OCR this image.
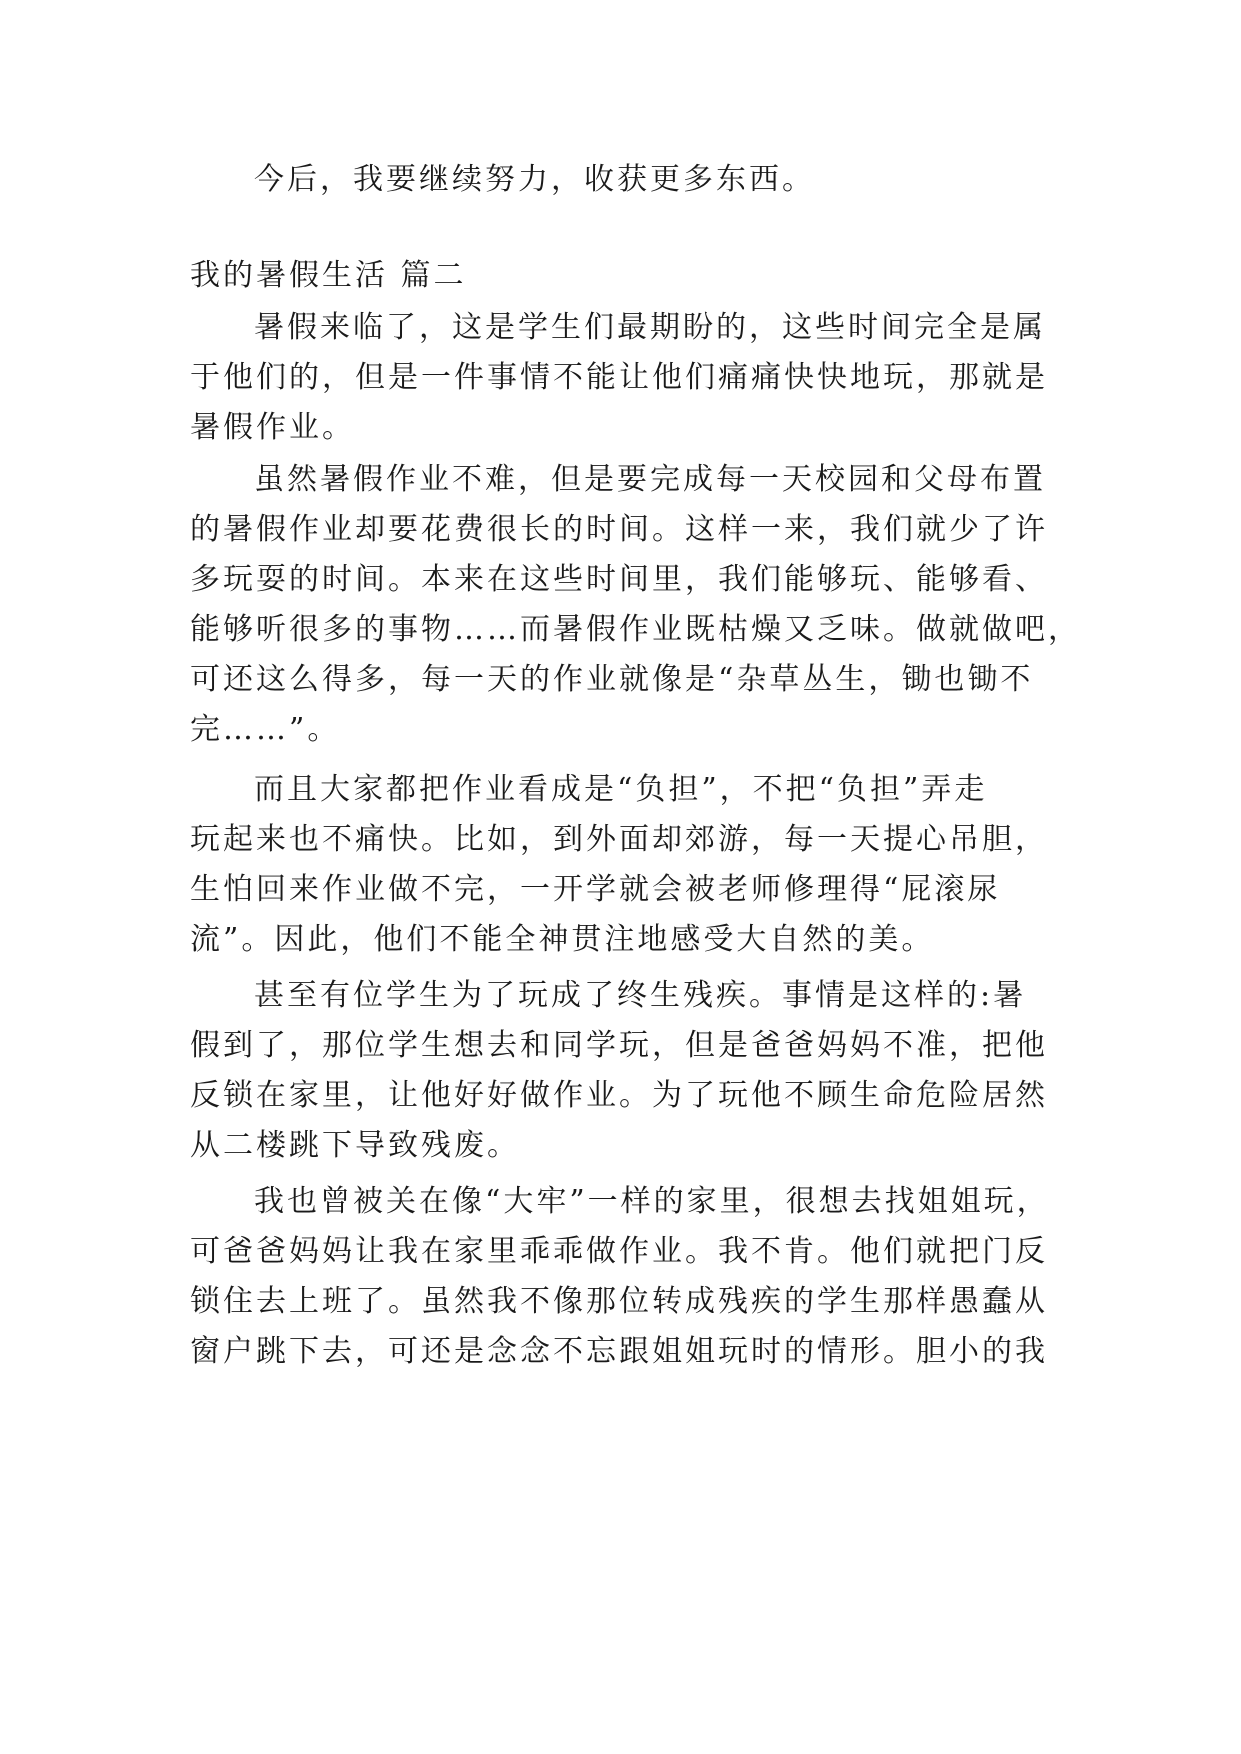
今后，我要继续努力，收获更多东西。
我的暑假生活 篇二
暑假来临了，这是学生们最期盼的，这些时间完全是属
于他们的，但是一件事情不能让他们痛痛快快地玩，那就是
暑假作业。
虽然暑假作业不难，但是要完成每一天校园和父母布置
的暑假作业却要花费很长的时间。这样一来，我们就少了许
多玩耍的时间。本来在这些时间里，我们能够玩、能够看、
能够听很多的事物……而暑假作业既枯燥又乏味。做就做吧，
可还这么得多，每一天的作业就像是“杂草丛生，锄也锄不
完……”。
而且大家都把作业看成是“负担”，不把“负担”弄走
玩起来也不痛快。比如，到外面却郊游，每一天提心吊胆，
生怕回来作业做不完，一开学就会被老师修理得“屁滚尿
流”。因此，他们不能全神贯注地感受大自然的美。
甚至有位学生为了玩成了终生残疾。事情是这样的:暑
假到了，那位学生想去和同学玩，但是爸爸妈妈不准，把他
反锁在家里，让他好好做作业。为了玩他不顾生命危险居然
从二楼跳下导致残废。
我也曾被关在像“大牢”一样的家里，很想去找姐姐玩，
可爸爸妈妈让我在家里乖乖做作业。我不肯。他们就把门反
锁住去上班了。虽然我不像那位转成残疾的学生那样愚蠢从
窗户跳下去，可还是念念不忘跟姐姐玩时的情形。胆小的我
